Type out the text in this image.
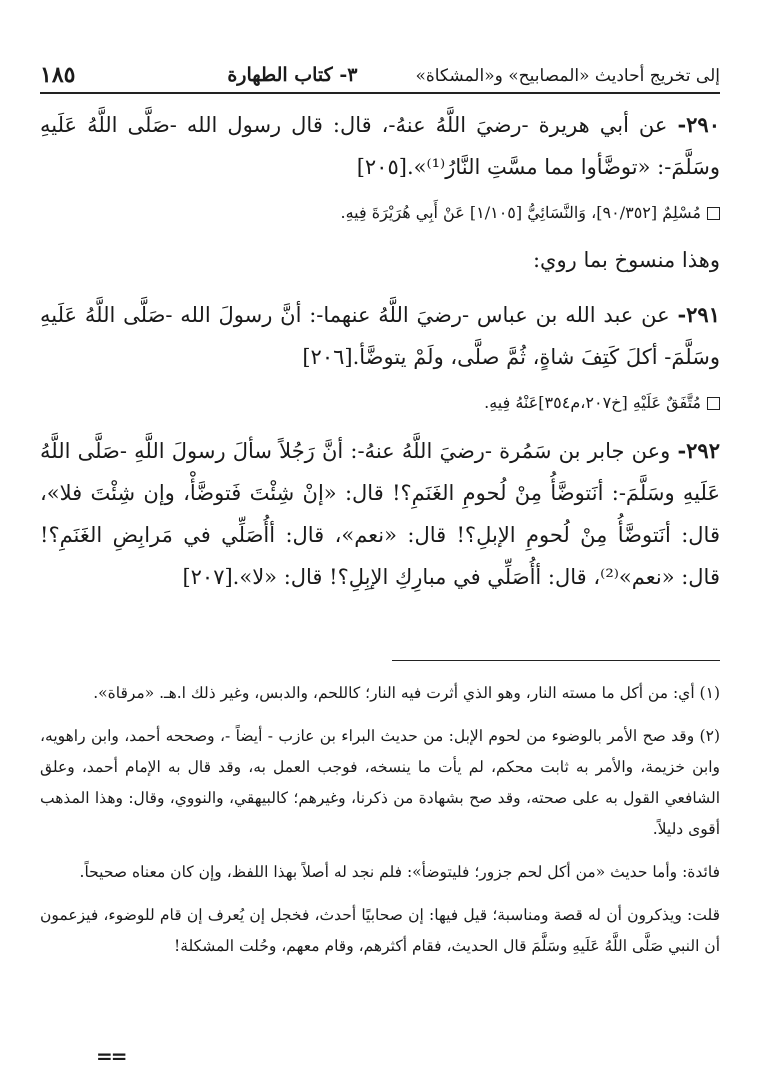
إلى تخريج أحاديث «المصابيح» و«المشكاة»
٣- كتاب الطهارة
١٨٥

٢٩٠- عن أبي هريرة -رضيَ اللَّهُ عنهُ-، قال: قال رسول الله -صَلَّى اللَّهُ عَلَيهِ وسَلَّمَ-: «توضَّأوا مما مسَّتِ النَّارُ⁽¹⁾».[٢٠٥]

مُسْلِمٌ [٩٠/٣٥٢]، وَالنَّسَائِيُّ [١/١٠٥] عَنْ أَبِي هُرَيْرَةَ فِيهِ.

وهذا منسوخ بما روي:

٢٩١- عن عبد الله بن عباس -رضيَ اللَّهُ عنهما-: أنَّ رسولَ الله -صَلَّى اللَّهُ عَلَيهِ وسَلَّمَ- أكلَ كَتِفَ شاةٍ، ثُمَّ صلَّى، ولَمْ يتوضَّأ.[٢٠٦]

مُتَّفَقٌ عَلَيْهِ [خ٢٠٧،م٣٥٤]عَنْهُ فِيهِ.

٢٩٢- وعن جابر بن سَمُرة -رضيَ اللَّهُ عنهُ-: أنَّ رَجُلاً سألَ رسولَ اللَّهِ -صَلَّى اللَّهُ عَلَيهِ وسَلَّمَ-: أنَتوضَّأُ مِنْ لُحومِ الغَنَمِ؟! قال: «إنْ شِئْتَ فَتوضَّأْ، وإن شِئْتَ فلا»، قال: أنَتوضَّأُ مِنْ لُحومِ الإبلِ؟! قال: «نعم»، قال: أأُصَلِّي في مَرابِضِ الغَنَمِ؟! قال: «نعم»⁽²⁾، قال: أأُصَلِّي في مبارِكِ الإبِلِ؟! قال: «لا».[٢٠٧]

(١) أي: من أكل ما مسته النار، وهو الذي أثرت فيه النار؛ كاللحم، والدبس، وغير ذلك ا.هـ. «مرقاة».

(٢) وقد صح الأمر بالوضوء من لحوم الإبل: من حديث البراء بن عازب - أيضاً -، وصححه أحمد، وابن راهويه، وابن خزيمة، والأمر به ثابت محكم، لم يأت ما ينسخه، فوجب العمل به، وقد قال به الإمام أحمد، وعلق الشافعي القول به على صحته، وقد صح بشهادة من ذكرنا، وغيرهم؛ كالبيهقي، والنووي، وقال: وهذا المذهب أقوى دليلاً.

فائدة: وأما حديث «من أكل لحم جزور؛ فليتوضأ»: فلم نجد له أصلاً بهذا اللفظ، وإن كان معناه صحيحاً.

قلت: ويذكرون أن له قصة ومناسبة؛ قيل فيها: إن صحابيًا أحدث، فخجل إن يُعرف إن قام للوضوء، فيزعمون أن النبي صَلَّى اللَّهُ عَلَيهِ وسَلَّمَ قال الحديث، فقام أكثرهم، وقام معهم، وحُلت المشكلة!

==
